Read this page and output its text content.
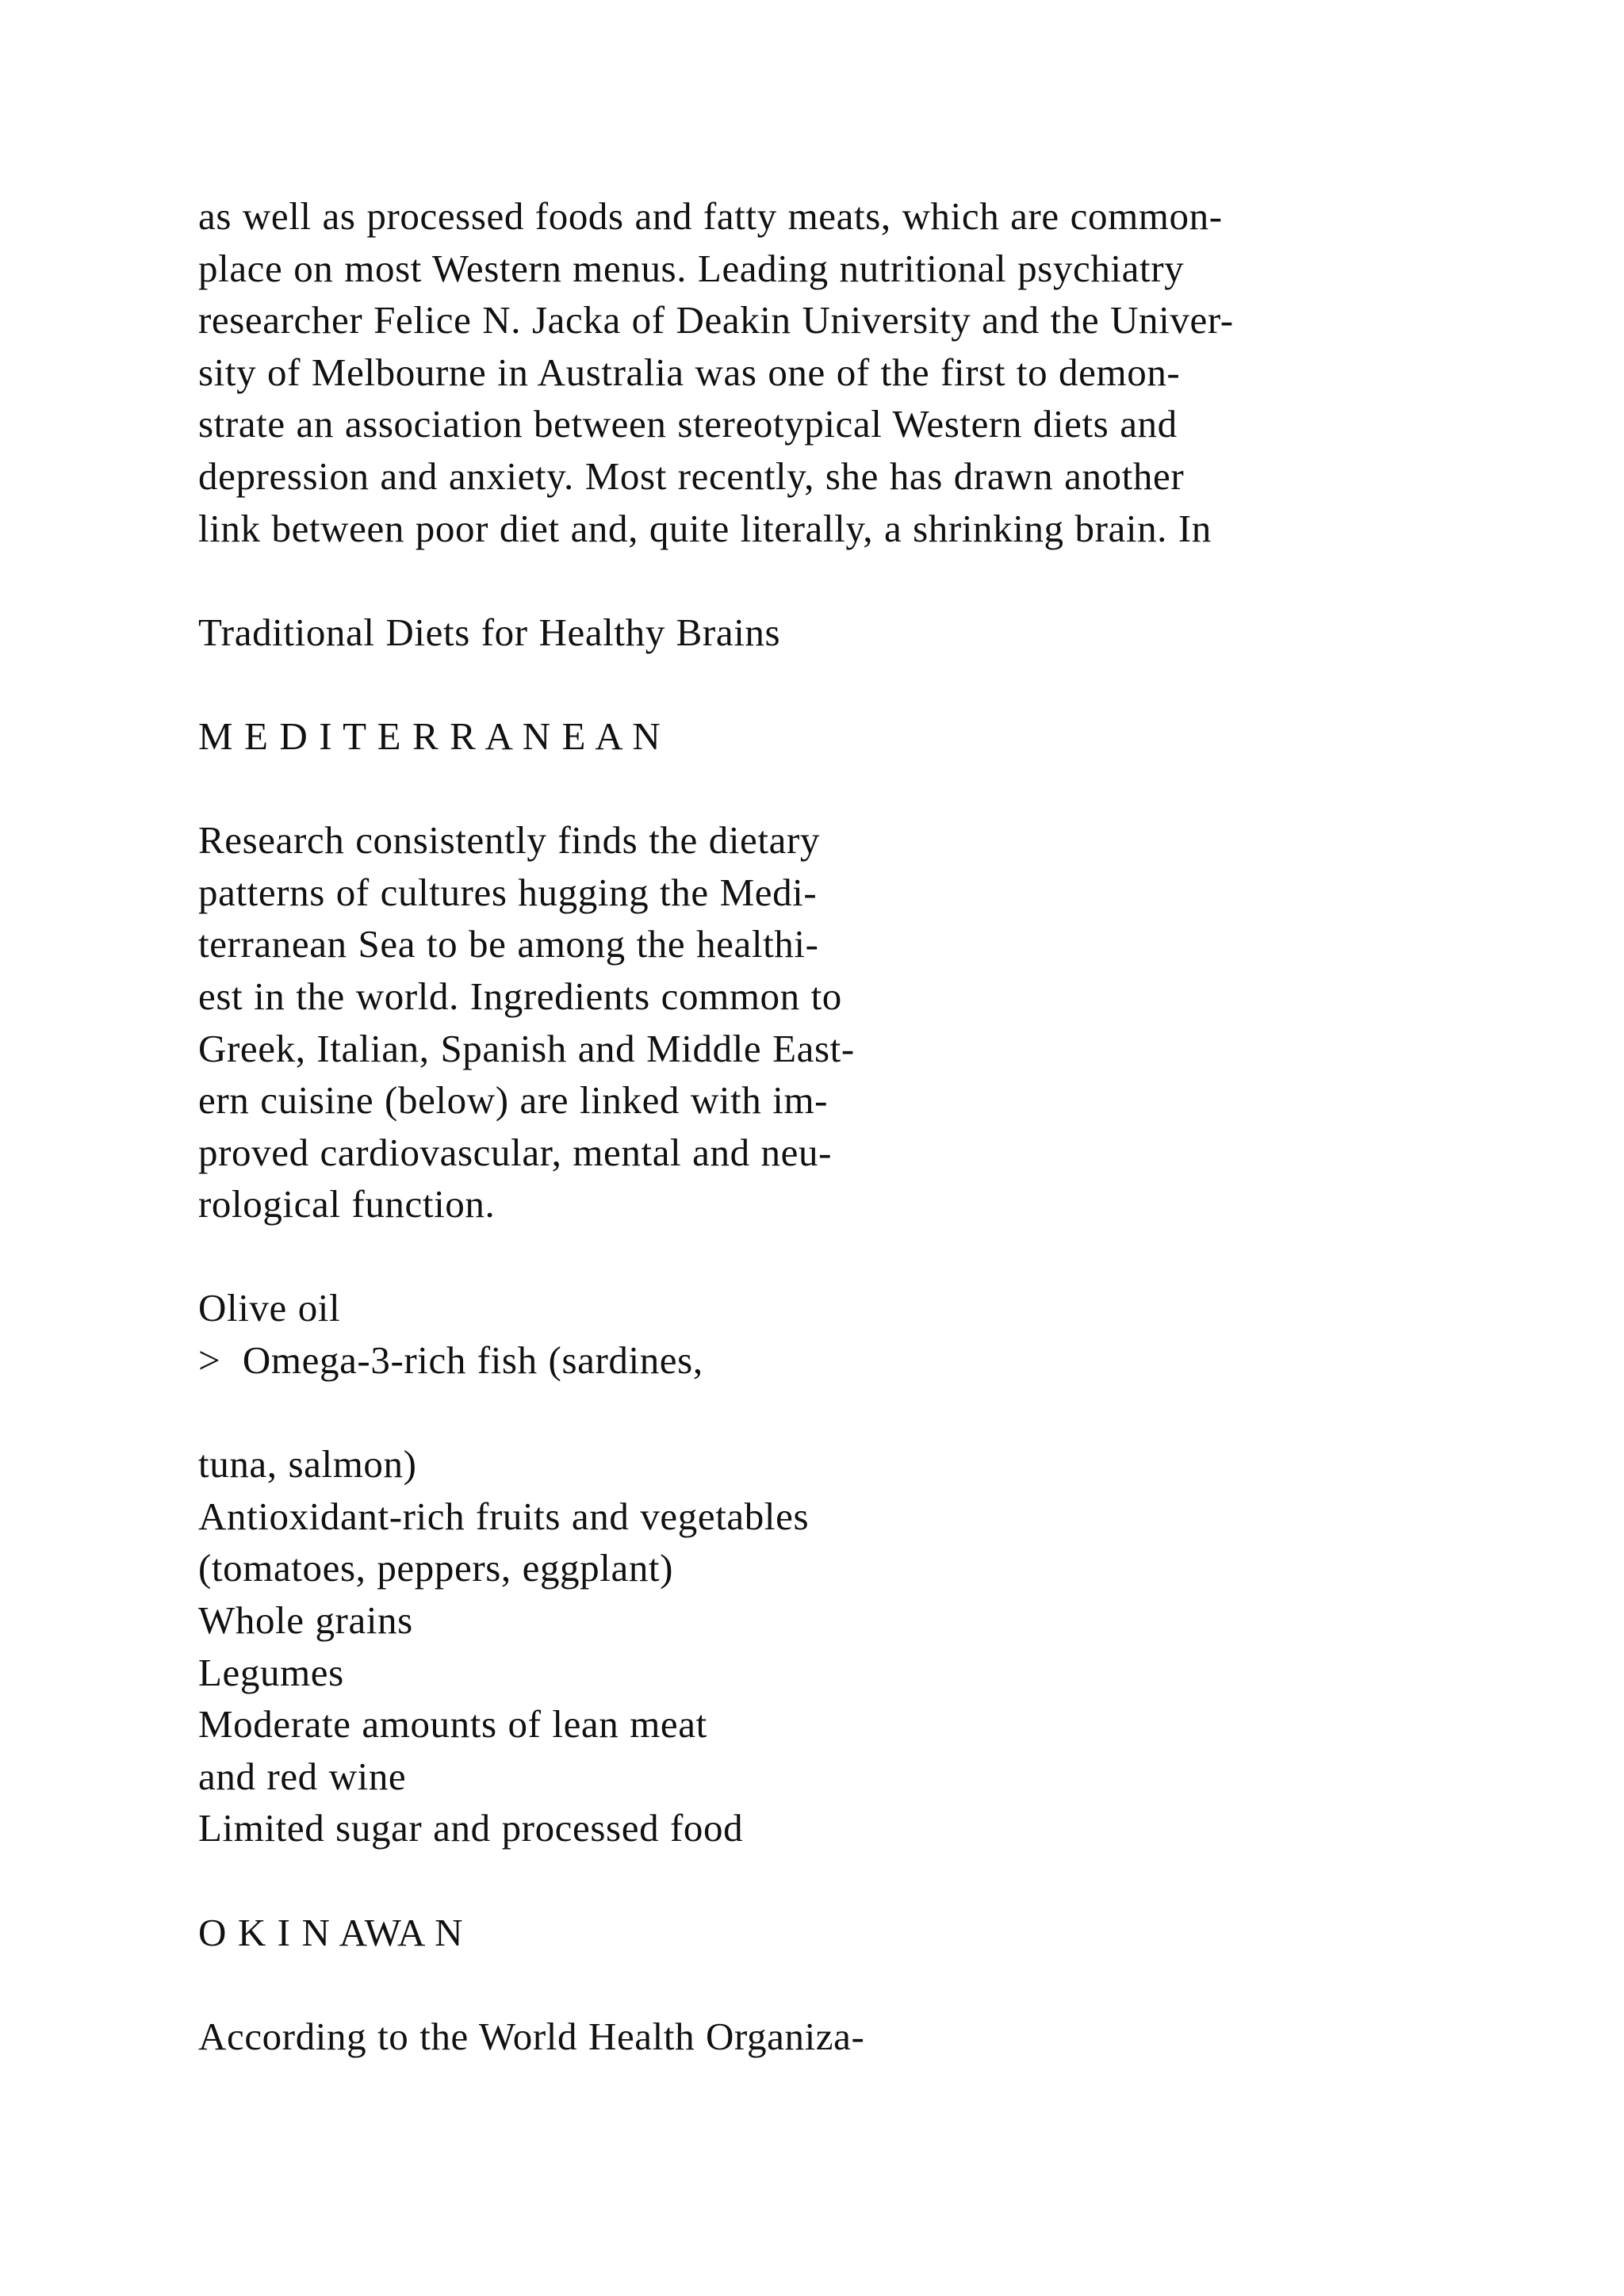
as well as processed foods and fatty meats, which are common-
place on most Western menus. Leading nutritional psychiatry
researcher Felice N. Jacka of Deakin University and the Univer-
sity of Melbourne in Australia was one of the first to demon-
strate an association between stereotypical Western diets and
depression and anxiety. Most recently, she has drawn another
link between poor diet and, quite literally, a shrinking brain. In
Traditional Diets for Healthy Brains
M E D I T E R R A N E A N
Research consistently finds the dietary
patterns of cultures hugging the Medi-
terranean Sea to be among the healthi-
est in the world. Ingredients common to
Greek, Italian, Spanish and Middle East-
ern cuisine (below) are linked with im-
proved cardiovascular, mental and neu-
rological function.
Olive oil
>  Omega-3-rich fish (sardines,
tuna, salmon)
Antioxidant-rich fruits and vegetables
(tomatoes, peppers, eggplant)
Whole grains
Legumes
Moderate amounts of lean meat
and red wine
Limited sugar and processed food
O K I N AWA N
According to the World Health Organiza-
